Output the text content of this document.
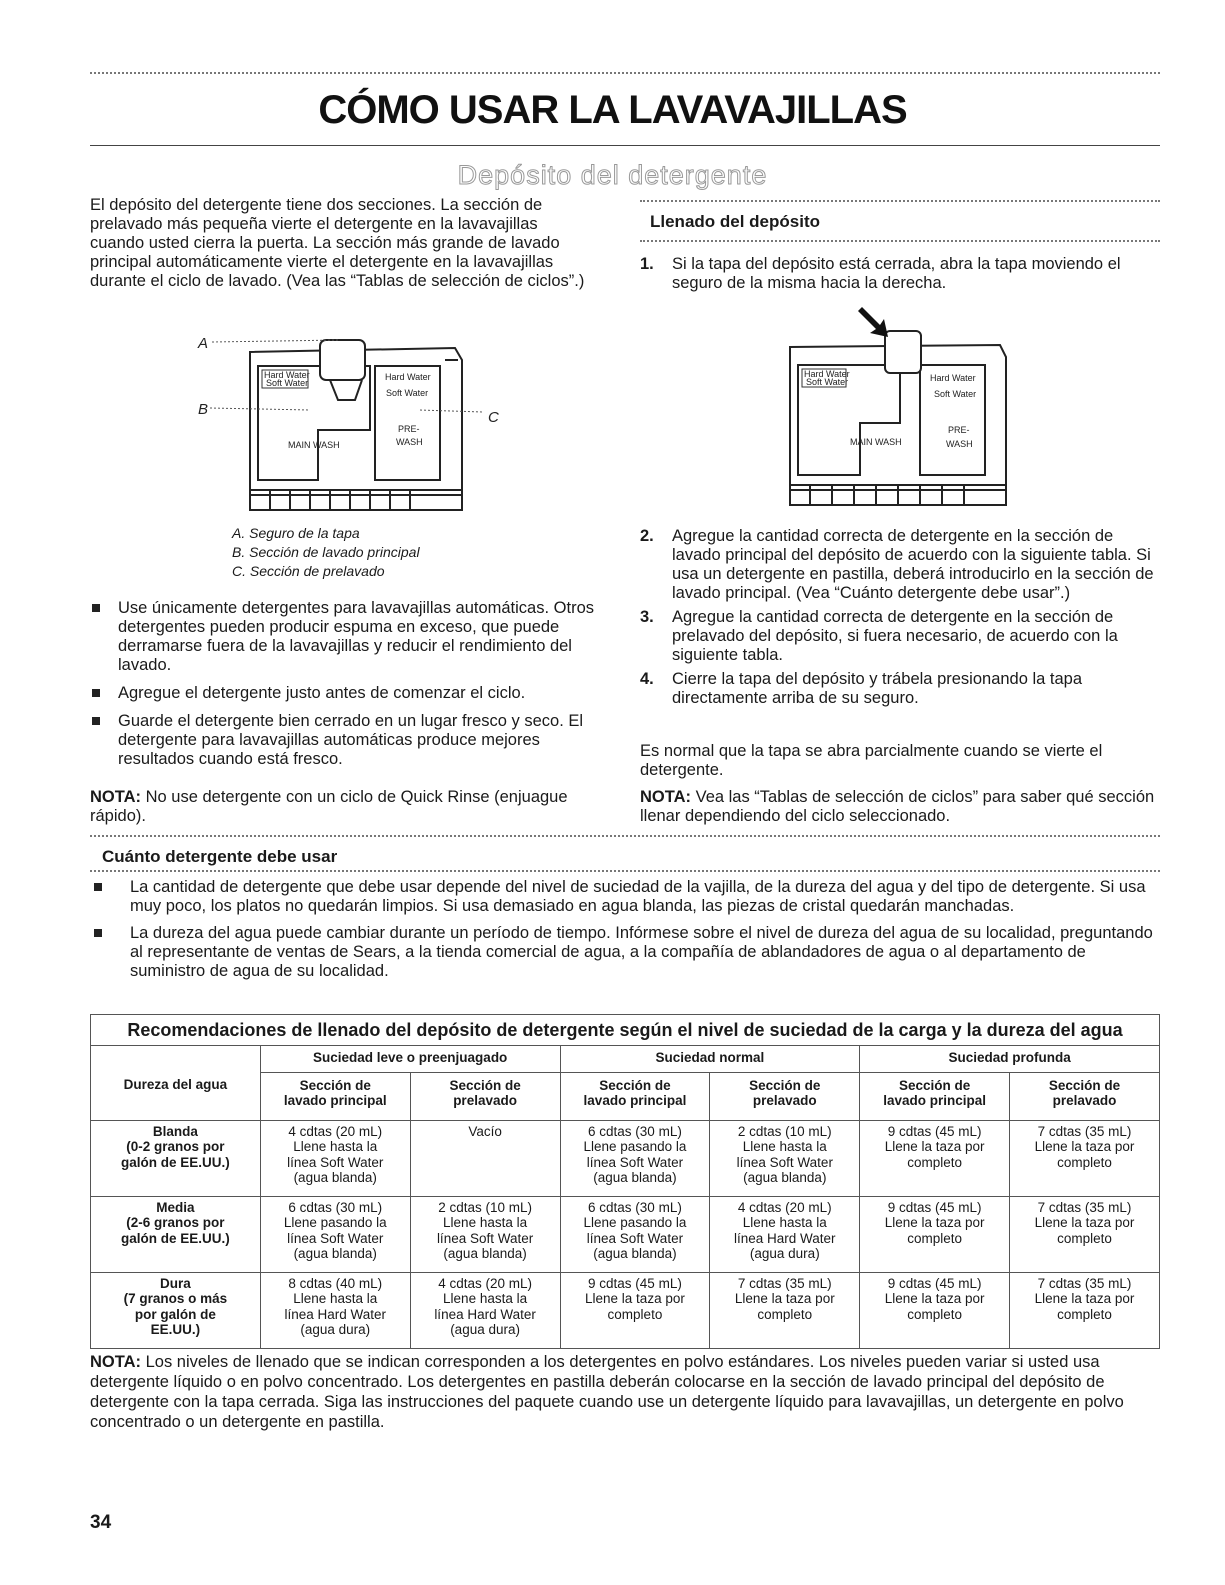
CÓMO USAR LA LAVAVAJILLAS
Depósito del detergente

El depósito del detergente tiene dos secciones. La sección de prelavado más pequeña vierte el detergente en la lavavajillas cuando usted cierra la puerta. La sección más grande de lavado principal automáticamente vierte el detergente en la lavavajillas durante el ciclo de lavado. (Vea las “Tablas de selección de ciclos”.)

Hard Water
Soft Water
Hard Water
Soft Water
MAIN WASH
PRE-
WASH
A
B	C
A. Seguro de la tapa
B. Sección de lavado principal
C. Sección de prelavado
Use únicamente detergentes para lavavajillas automáticas. Otros detergentes pueden producir espuma en exceso, que puede derramarse fuera de la lavavajillas y reducir el rendimiento del lavado.
Agregue el detergente justo antes de comenzar el ciclo.
Guarde el detergente bien cerrado en un lugar fresco y seco. El detergente para lavavajillas automáticas produce mejores resultados cuando está fresco.

NOTA: No use detergente con un ciclo de Quick Rinse (enjuague rápido).

Llenado del depósito
1. Si la tapa del depósito está cerrada, abra la tapa moviendo el seguro de la misma hacia la derecha.
Hard Water
Soft Water	Hard Water
Soft Water
MAIN WASH
PRE-
WASH
2. Agregue la cantidad correcta de detergente en la sección de lavado principal del depósito de acuerdo con la siguiente tabla. Si usa un detergente en pastilla, deberá introducirlo en la sección de lavado principal. (Vea “Cuánto detergente debe usar”.)
3. Agregue la cantidad correcta de detergente en la sección de prelavado del depósito, si fuera necesario, de acuerdo con la siguiente tabla.
4. Cierre la tapa del depósito y trábela presionando la tapa directamente arriba de su seguro.

Es normal que la tapa se abra parcialmente cuando se vierte el detergente.

NOTA: Vea las “Tablas de selección de ciclos” para saber qué sección llenar dependiendo del ciclo seleccionado.

Cuánto detergente debe usar
La cantidad de detergente que debe usar depende del nivel de suciedad de la vajilla, de la dureza del agua y del tipo de detergente. Si usa muy poco, los platos no quedarán limpios. Si usa demasiado en agua blanda, las piezas de cristal quedarán manchadas.
La dureza del agua puede cambiar durante un período de tiempo. Infórmese sobre el nivel de dureza del agua de su localidad, preguntando al representante de ventas de Sears, a la tienda comercial de agua, a la compañía de ablandadores de agua o al departamento de suministro de agua de su localidad.
Recomendaciones de llenado del depósito de detergente según el nivel de suciedad de la carga y la dureza del agua
Dureza del agua	Suciedad leve o preenjuagado		Suciedad normal		Suciedad profunda	
	Sección de
lavado principal	Sección de
prelavado	Sección de
lavado principal	Sección de
prelavado	Sección de
lavado principal	Sección de
prelavado
Blanda
(0-2 granos por
galón de EE.UU.)	4 cdtas (20 mL)
Llene hasta la
línea Soft Water
(agua blanda)	Vacío	6 cdtas (30 mL)
Llene pasando la
línea Soft Water
(agua blanda)	2 cdtas (10 mL)
Llene hasta la
línea Soft Water
(agua blanda)	9 cdtas (45 mL)
Llene la taza por
completo	7 cdtas (35 mL)
Llene la taza por
completo
Media
(2-6 granos por
galón de EE.UU.)	6 cdtas (30 mL)
Llene pasando la
línea Soft Water
(agua blanda)	2 cdtas (10 mL)
Llene hasta la
línea Soft Water
(agua blanda)	6 cdtas (30 mL)
Llene pasando la
línea Soft Water
(agua blanda)	4 cdtas (20 mL)
Llene hasta la
línea Hard Water
(agua dura)	9 cdtas (45 mL)
Llene la taza por
completo	7 cdtas (35 mL)
Llene la taza por
completo
Dura
(7 granos o más
por galón de
EE.UU.)	8 cdtas (40 mL)
Llene hasta la
línea Hard Water
(agua dura)	4 cdtas (20 mL)
Llene hasta la
línea Hard Water
(agua dura)	9 cdtas (45 mL)
Llene la taza por
completo	7 cdtas (35 mL)
Llene la taza por
completo	9 cdtas (45 mL)
Llene la taza por
completo	7 cdtas (35 mL)
Llene la taza por
completo

NOTA: Los niveles de llenado que se indican corresponden a los detergentes en polvo estándares. Los niveles pueden variar si usted usa detergente líquido o en polvo concentrado. Los detergentes en pastilla deberán colocarse en la sección de lavado principal del depósito de detergente con la tapa cerrada. Siga las instrucciones del paquete cuando use un detergente líquido para lavavajillas, un detergente en polvo concentrado o un detergente en pastilla.

34
